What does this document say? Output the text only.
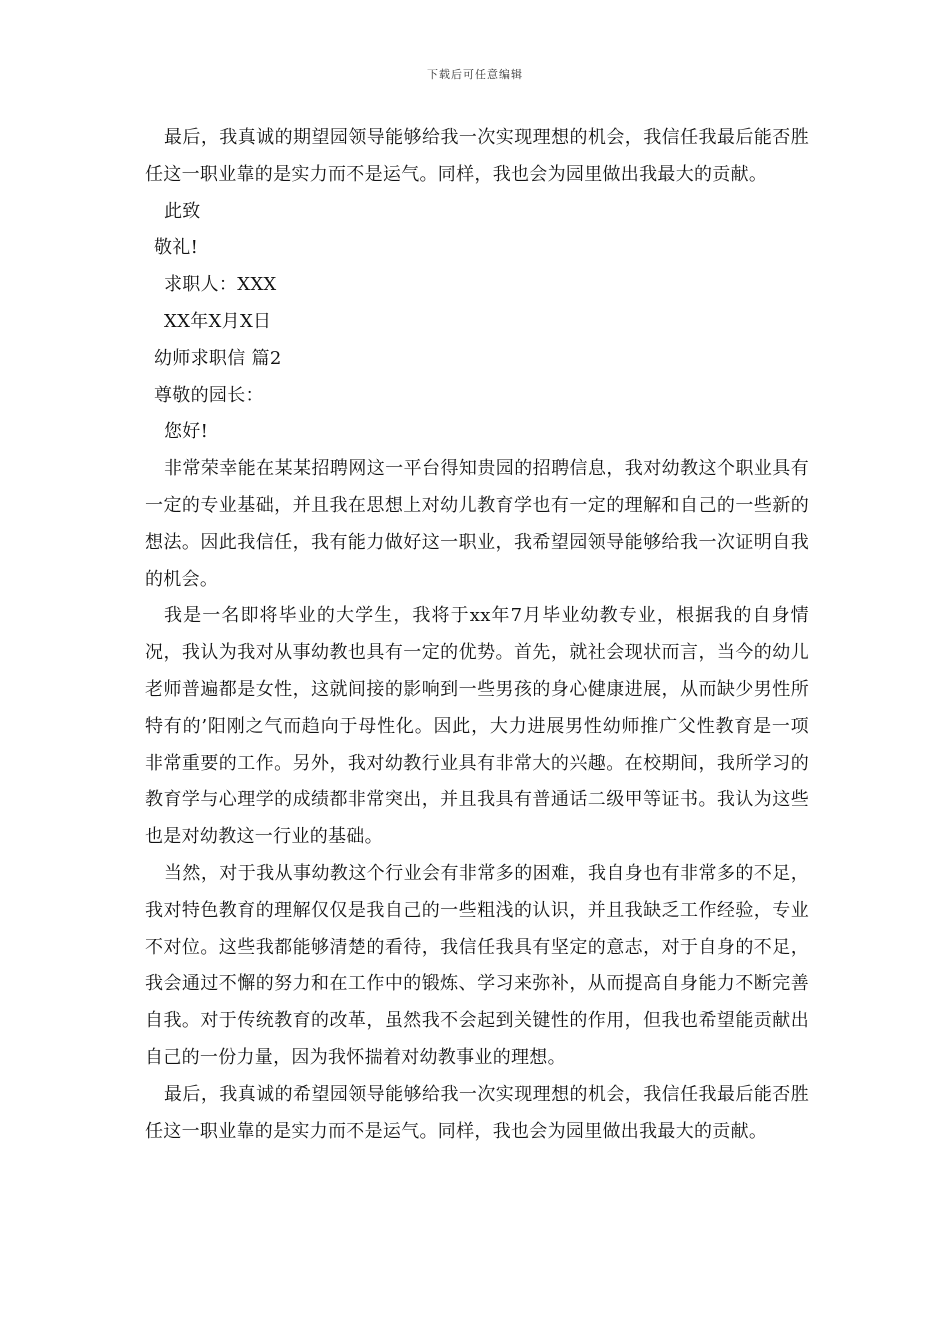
下载后可任意编辑

最后，我真诚的期望园领导能够给我一次实现理想的机会，我信任我最后能否胜任这一职业靠的是实力而不是运气。同样，我也会为园里做出我最大的贡献。

此致

敬礼!

求职人：XXX

XX年X月X日

幼师求职信 篇2

尊敬的园长：

您好!

非常荣幸能在某某招聘网这一平台得知贵园的招聘信息，我对幼教这个职业具有一定的专业基础，并且我在思想上对幼儿教育学也有一定的理解和自己的一些新的想法。因此我信任，我有能力做好这一职业，我希望园领导能够给我一次证明自我的机会。

我是一名即将毕业的大学生，我将于xx年7月毕业幼教专业，根据我的自身情况，我认为我对从事幼教也具有一定的优势。首先，就社会现状而言，当今的幼儿老师普遍都是女性，这就间接的影响到一些男孩的身心健康进展，从而缺少男性所特有的’阳刚之气而趋向于母性化。因此，大力进展男性幼师推广父性教育是一项非常重要的工作。另外，我对幼教行业具有非常大的兴趣。在校期间，我所学习的教育学与心理学的成绩都非常突出，并且我具有普通话二级甲等证书。我认为这些也是对幼教这一行业的基础。

当然，对于我从事幼教这个行业会有非常多的困难，我自身也有非常多的不足，我对特色教育的理解仅仅是我自己的一些粗浅的认识，并且我缺乏工作经验，专业不对位。这些我都能够清楚的看待，我信任我具有坚定的意志，对于自身的不足，我会通过不懈的努力和在工作中的锻炼、学习来弥补，从而提高自身能力不断完善自我。对于传统教育的改革，虽然我不会起到关键性的作用，但我也希望能贡献出自己的一份力量，因为我怀揣着对幼教事业的理想。

最后，我真诚的希望园领导能够给我一次实现理想的机会，我信任我最后能否胜任这一职业靠的是实力而不是运气。同样，我也会为园里做出我最大的贡献。
